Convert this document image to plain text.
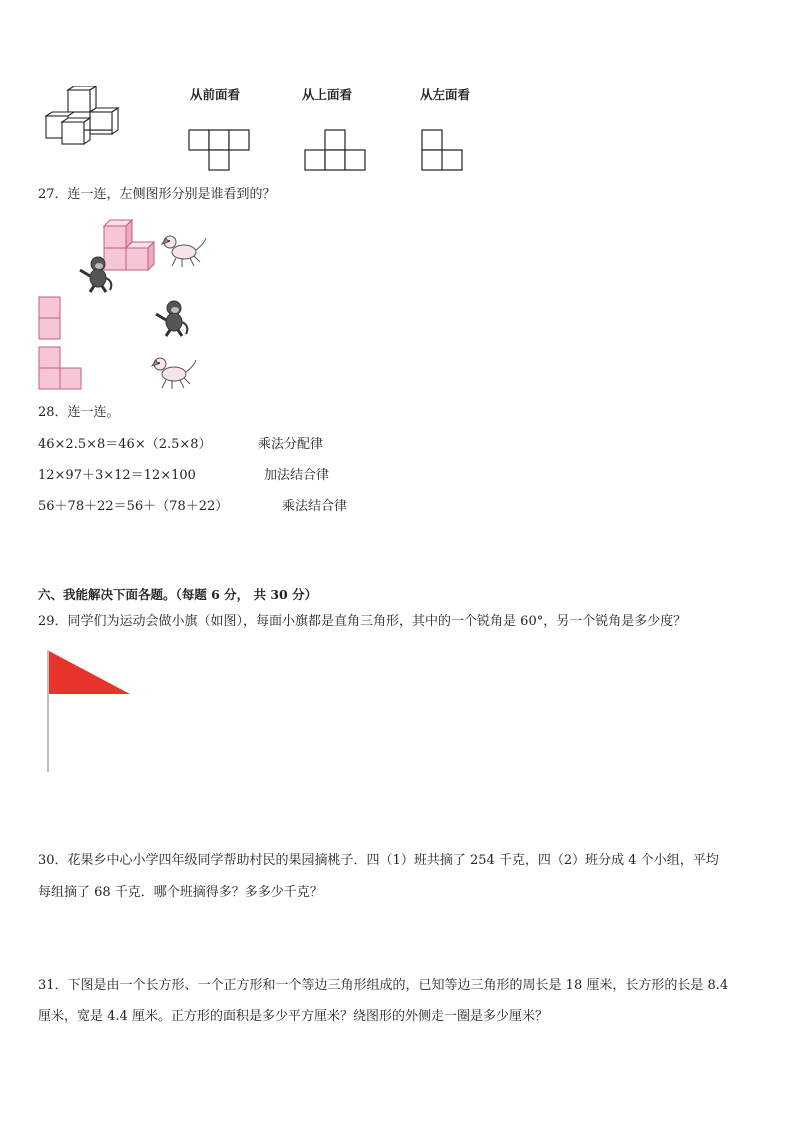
从前面看	从上面看	从左面看
27．连一连，左侧图形分别是谁看到的？
28．连一连。
46×2.5×8＝46×（2.5×8）	乘法分配律
12×97＋3×12＝12×100	加法结合律
56＋78＋22＝56＋（78＋22）	乘法结合律
六、我能解决下面各题。（每题 6 分， 共 30 分）
29．同学们为运动会做小旗（如图），每面小旗都是直角三角形，其中的一个锐角是 60°，另一个锐角是多少度？
30．花果乡中心小学四年级同学帮助村民的果园摘桃子．四（1）班共摘了 254 千克，四（2）班分成 4 个小组，平均
每组摘了 68 千克．哪个班摘得多？多多少千克？
31．下图是由一个长方形、一个正方形和一个等边三角形组成的，已知等边三角形的周长是 18 厘米，长方形的长是 8.4
厘米，宽是 4.4 厘米。正方形的面积是多少平方厘米？绕图形的外侧走一圈是多少厘米？
